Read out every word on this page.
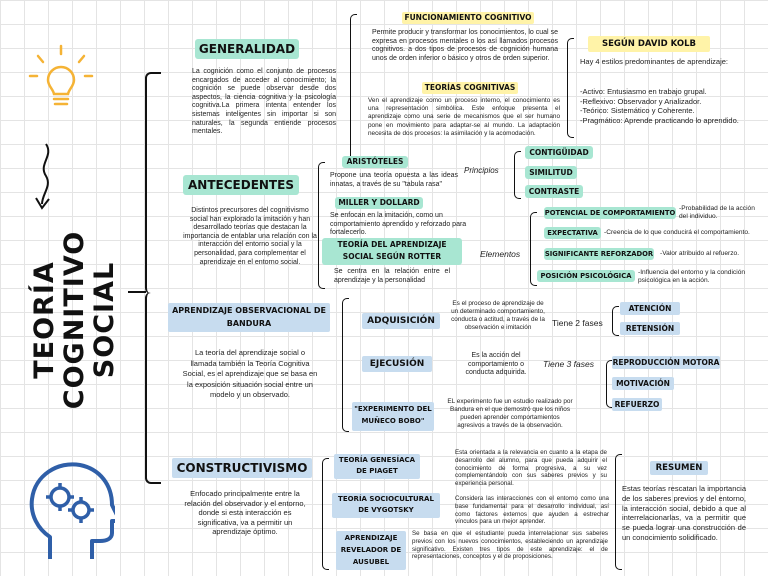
TEORÍA COGNITIVO SOCIAL
GENERALIDAD
La cognición como el conjunto de procesos encargados de acceder al conocimiento; la cognición se puede observar desde dos aspectos, la ciencia cognitiva y la psicología cognitiva.La primera intenta entender los sistemas inteligentes sin importar si son naturales, la segunda entiende procesos mentales.
FUNCIONAMIENTO COGNITIVO
Permite producir y transformar los conocimientos, lo cual se expresa en procesos mentales o los así llamados procesos cognitivos. a dos tipos de procesos de cognición humana unos de orden inferior o básico y otros de orden superior.
TEORÍAS COGNITIVAS
Ven el aprendizaje como un proceso interno, el conocimiento es una representación simbólica. Este enfoque presenta el aprendizaje como una serie de mecanismos que el ser humano pone en movimiento para adaptar-se al mundo. La adaptación necesita de dos procesos: la asimilación y la acomodación.
SEGÚN DAVID KOLB
Hay 4 estilos predominantes de aprendizaje:
-Activo: Entusiasmo en trabajo grupal.
-Reflexivo: Observador y Analizador.
-Teórico: Sistemático y Coherente.
-Pragmático: Aprende practicando lo aprendido.
ANTECEDENTES
Distintos precursores del cognitivismo social han explorado la imitación y han desarrollado teorías que destacan la importancia de entablar una relación con la interacción del entorno social y la personalidad, para complementar el aprendizaje en el entorno social.
ARISTÓTELES
Propone una teoría opuesta a las ideas innatas, a través de su "tabula rasa"
Principios
CONTIGÜIDAD
SIMILITUD
CONTRASTE
MILLER Y DOLLARD
Se enfocan en la imitación, como un comportamiento aprendido y reforzado para fortalecerlo.
TEORÍA DEL APRENDIZAJE SOCIAL SEGÚN ROTTER
Se centra en la relación entre el aprendizaje y la personalidad
Elementos
POTENCIAL DE COMPORTAMIENTO
-Probabilidad de la acción del individuo.
EXPECTATIVA -Creencia de lo que conducirá el comportamiento.
SIGNIFICANTE REFORZADOR -Valor atribuido al refuerzo.
POSICIÓN PSICOLÓGICA -Influencia del entorno y la condición psicológica en la acción.
APRENDIZAJE OBSERVACIONAL DE BANDURA
La teoría del aprendizaje social o llamada también la Teoría Cognitiva Social, es el aprendizaje que se basa en la exposición situación social entre un modelo y un observado.
ADQUISICIÓN
Es el proceso de aprendizaje de un determinado comportamiento, conducta o actitud, a través de la observación e imitación	Tiene 2 fases
ATENCIÓN
RETENSIÓN
EJECUSIÓN
Es la acción del comportamiento o conducta adquirida.
Tiene 3 fases REPRODUCCIÓN MOTORA
MOTIVACIÓN
REFUERZO
"EXPERIMENTO DEL MUÑECO BOBO"
EL experimento fue un estudio realizado por Bandura en el que demostró que los niños pueden aprender comportamientos agresivos a través de la observación.
CONSTRUCTIVISMO
Enfocado principalmente entre la relación del observador y el entorno, donde si esta interacción es significativa, va a permitir un aprendizaje óptimo.
TEORÍA GENESÍACA DE PIAGET
Esta orientada a la relevancia en cuanto a la etapa de desarrollo del alumno, para que pueda adquirir el conocimiento de forma progresiva, a su vez complementándolo con sus saberes previos y su experiencia personal.
TEORÍA SOCIOCULTURAL DE VYGOTSKY
Considera las interacciones con el entorno como una base fundamental para el desarrollo individual, así como factores externos que ayuden a estrechar vínculos para un mejor aprender.
APRENDIZAJE REVELADOR DE AUSUBEL
Se basa en que el estudiante pueda interrelacionar sus saberes previos con los nuevos conocimientos, estableciendo un aprendizaje significativo. Existen tres tipos de este aprendizaje: el de representaciones, conceptos y el de proposiciones.
RESUMEN
Estas teorías rescatan la importancia de los saberes previos y del entorno, la interacción social, debido a que al interrelacionarlas, va a permitir que se pueda lograr una construcción de un conocimiento solidificado.
